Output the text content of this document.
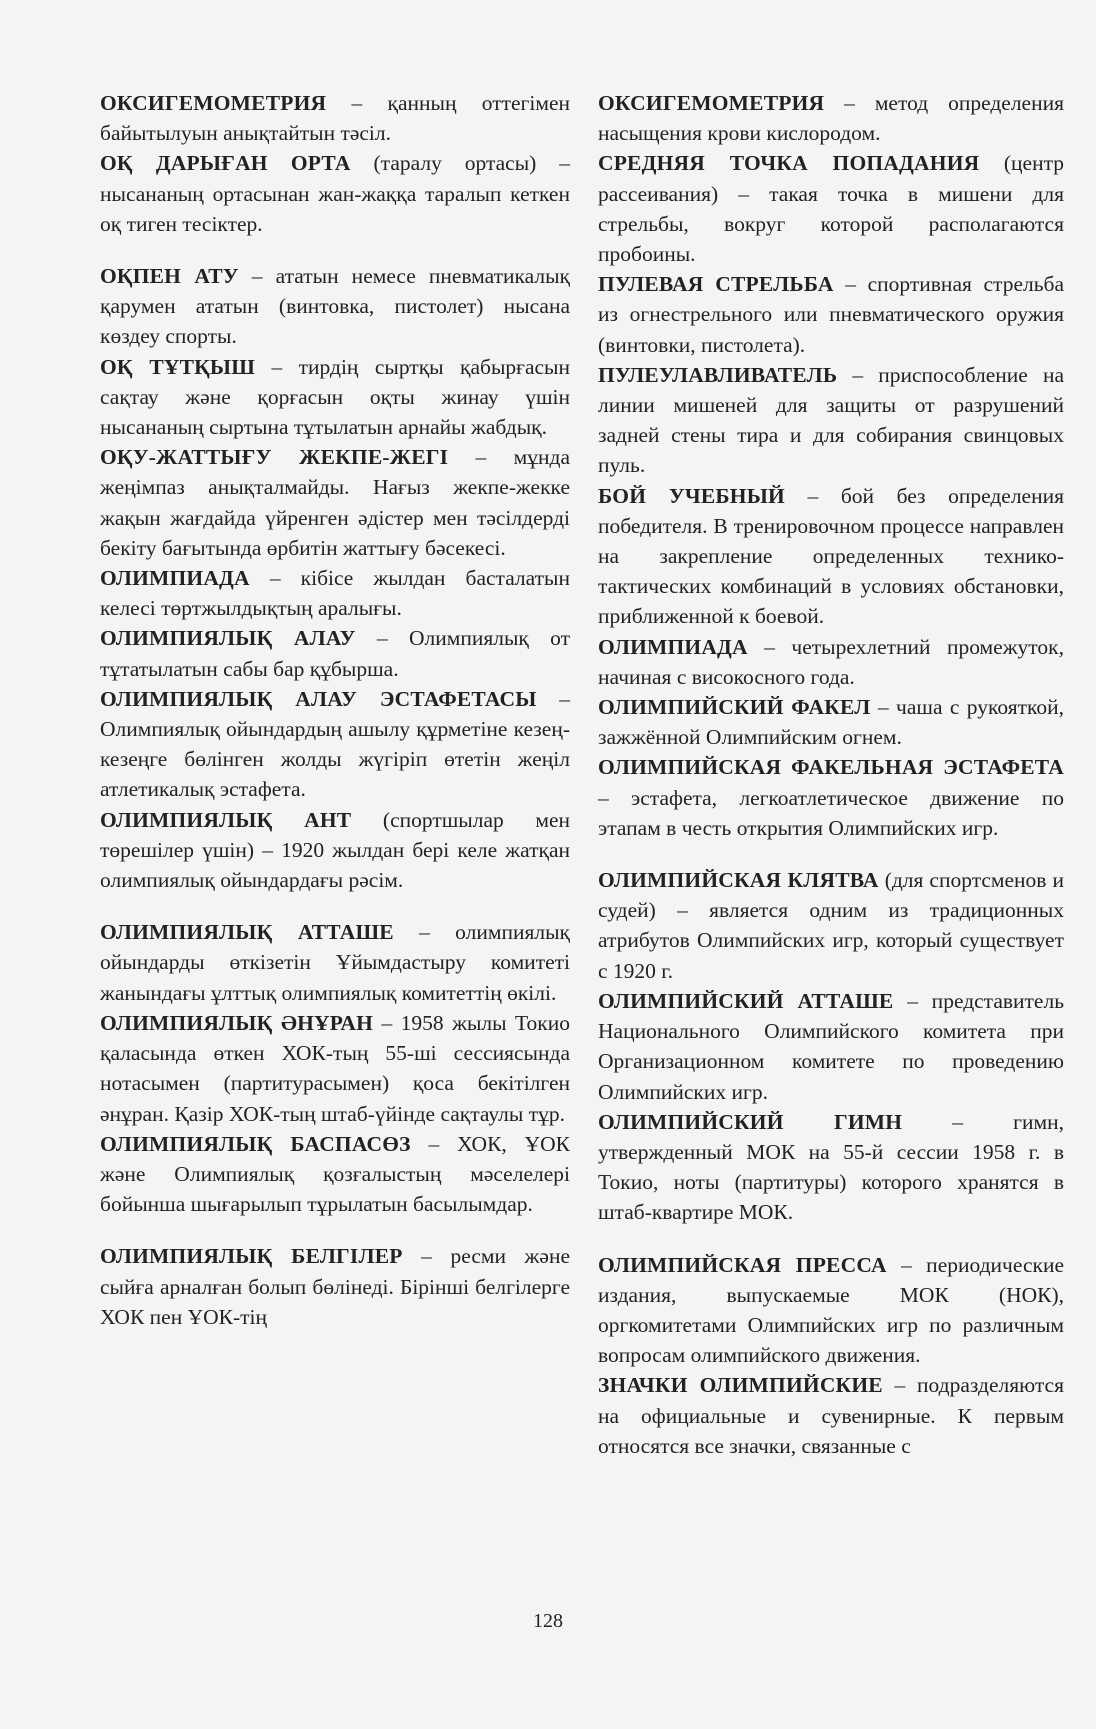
ОКСИГЕМОМЕТРИЯ – қанның оттегімен байытылуын анықтайтын тәсіл.

ОҚ ДАРЫҒАН ОРТА (таралу ортасы) – нысананың ортасынан жан-жаққа таралып кеткен оқ тиген тесіктер.

ОҚПЕН АТУ – ататын немесе пневматикалық қарумен ататын (винтовка, пистолет) нысана көздеу спорты.

ОҚ ТҰТҚЫШ – тирдің сыртқы қабырғасын сақтау және қорғасын оқты жинау үшін нысананың сыртына тұтылатын арнайы жабдық.

ОҚУ-ЖАТТЫҒУ ЖЕКПЕ-ЖЕГІ – мұнда жеңімпаз анықталмайды. Нағыз жекпе-жекке жақын жағдайда үйренген әдістер мен тәсілдерді бекіту бағытында өрбитін жаттығу бәсекесі.

ОЛИМПИАДА – кібісе жылдан басталатын келесі төртжылдықтың аралығы.

ОЛИМПИЯЛЫҚ АЛАУ – Олимпиялық от тұтатылатын сабы бар құбырша.

ОЛИМПИЯЛЫҚ АЛАУ ЭСТАФЕТАСЫ – Олимпиялық ойындардың ашылу құрметіне кезең-кезеңге бөлінген жолды жүгіріп өтетін жеңіл атлетикалық эстафета.

ОЛИМПИЯЛЫҚ АНТ (спортшылар мен төрешілер үшін) – 1920 жылдан бері келе жатқан олимпиялық ойындардағы рәсім.

ОЛИМПИЯЛЫҚ АТТАШЕ – олимпиялық ойындарды өткізетін Ұйымдастыру комитеті жанындағы ұлттық олимпиялық комитеттің өкілі.

ОЛИМПИЯЛЫҚ ӘНҰРАН – 1958 жылы Токио қаласында өткен ХОК-тың 55-ші сессиясында нотасымен (партитурасымен) қоса бекітілген әнұран. Қазір ХОК-тың штаб-үйінде сақтаулы тұр.

ОЛИМПИЯЛЫҚ БАСПАСӨЗ – ХОК, ҰОК және Олимпиялық қозғалыстың мәселелері бойынша шығарылып тұрылатын басылымдар.

ОЛИМПИЯЛЫҚ БЕЛГІЛЕР – ресми және сыйға арналған болып бөлінеді. Бірінші белгілерге ХОК пен ҰОК-тің

ОКСИГЕМОМЕТРИЯ – метод определения насыщения крови кислородом.

СРЕДНЯЯ ТОЧКА ПОПАДАНИЯ (центр рассеивания) – такая точка в мишени для стрельбы, вокруг которой располагаются пробоины.

ПУЛЕВАЯ СТРЕЛЬБА – спортивная стрельба из огнестрельного или пневматического оружия (винтовки, пистолета).

ПУЛЕУЛАВЛИВАТЕЛЬ – приспособление на линии мишеней для защиты от разрушений задней стены тира и для собирания свинцовых пуль.

БОЙ УЧЕБНЫЙ – бой без определения победителя. В тренировочном процессе направлен на закрепление определенных технико-тактических комбинаций в условиях обстановки, приближенной к боевой.

ОЛИМПИАДА – четырехлетний промежуток, начиная с високосного года.

ОЛИМПИЙСКИЙ ФАКЕЛ – чаша с рукояткой, зажжённой Олимпийским огнем.

ОЛИМПИЙСКАЯ ФАКЕЛЬНАЯ ЭСТАФЕТА – эстафета, легкоатлетическое движение по этапам в честь открытия Олимпийских игр.

ОЛИМПИЙСКАЯ КЛЯТВА (для спортсменов и судей) – является одним из традиционных атрибутов Олимпийских игр, который существует с 1920 г.

ОЛИМПИЙСКИЙ АТТАШЕ – представитель Национального Олимпийского комитета при Организационном комитете по проведению Олимпийских игр.

ОЛИМПИЙСКИЙ ГИМН – гимн, утвержденный МОК на 55-й сессии 1958 г. в Токио, ноты (партитуры) которого хранятся в штаб-квартире МОК.

ОЛИМПИЙСКАЯ ПРЕССА – периодические издания, выпускаемые МОК (НОК), оргкомитетами Олимпийских игр по различным вопросам олимпийского движения.

ЗНАЧКИ ОЛИМПИЙСКИЕ – подразделяются на официальные и сувенирные. К первым относятся все значки, связанные с

128
